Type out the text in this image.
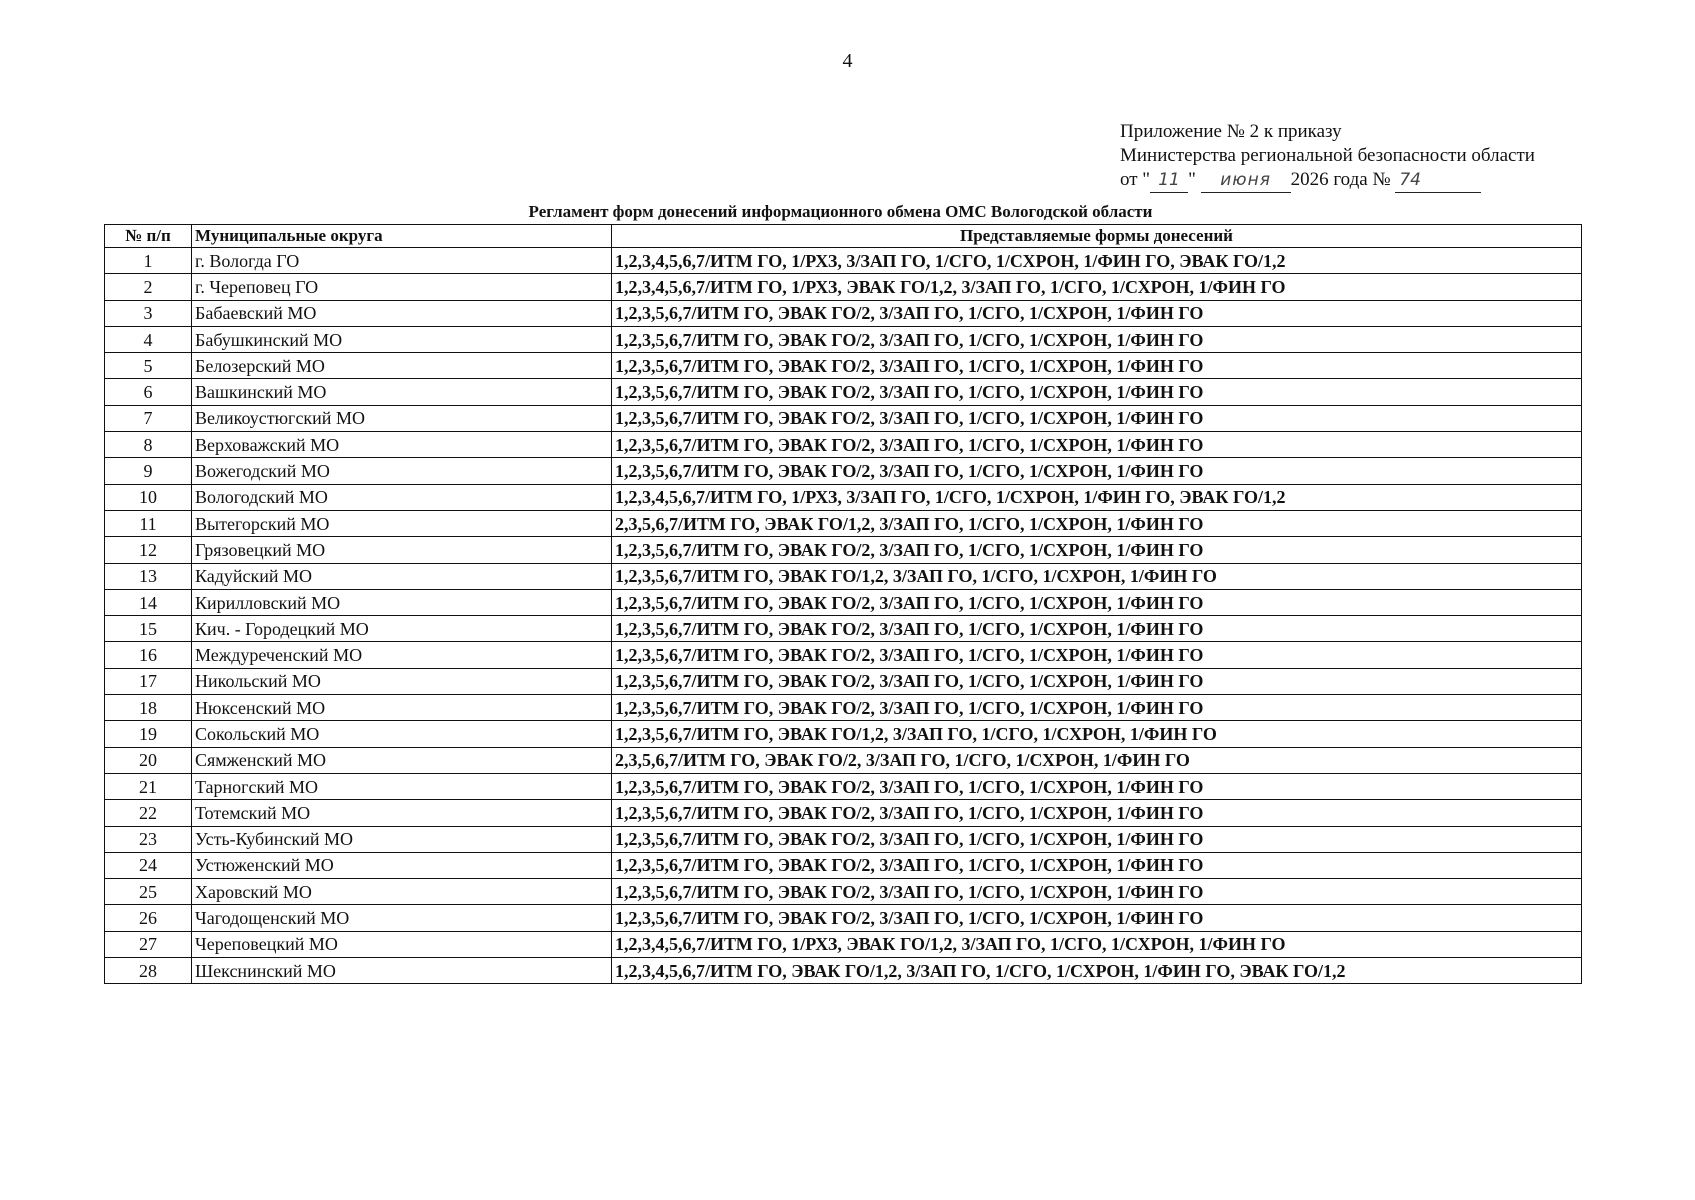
4
Приложение № 2 к приказу
Министерства региональной безопасности области
от " 11 " июня 2026 года № 74
Регламент форм донесений информационного обмена ОМС Вологодской области
№ п/п	Муниципальные округа	Представляемые формы донесений
1	г. Вологда ГО	1,2,3,4,5,6,7/ИТМ ГО, 1/РХЗ, 3/ЗАП ГО, 1/СГО, 1/СХРОН, 1/ФИН ГО, ЭВАК ГО/1,2
2	г. Череповец ГО	1,2,3,4,5,6,7/ИТМ ГО, 1/РХЗ, ЭВАК ГО/1,2, 3/ЗАП ГО, 1/СГО, 1/СХРОН, 1/ФИН ГО
3	Бабаевский МО	1,2,3,5,6,7/ИТМ ГО, ЭВАК ГО/2, 3/ЗАП ГО, 1/СГО, 1/СХРОН, 1/ФИН ГО
4	Бабушкинский МО	1,2,3,5,6,7/ИТМ ГО, ЭВАК ГО/2, 3/ЗАП ГО, 1/СГО, 1/СХРОН, 1/ФИН ГО
5	Белозерский МО	1,2,3,5,6,7/ИТМ ГО, ЭВАК ГО/2, 3/ЗАП ГО, 1/СГО, 1/СХРОН, 1/ФИН ГО
6	Вашкинский МО	1,2,3,5,6,7/ИТМ ГО, ЭВАК ГО/2, 3/ЗАП ГО, 1/СГО, 1/СХРОН, 1/ФИН ГО
7	Великоустюгский МО	1,2,3,5,6,7/ИТМ ГО, ЭВАК ГО/2, 3/ЗАП ГО, 1/СГО, 1/СХРОН, 1/ФИН ГО
8	Верховажский МО	1,2,3,5,6,7/ИТМ ГО, ЭВАК ГО/2, 3/ЗАП ГО, 1/СГО, 1/СХРОН, 1/ФИН ГО
9	Вожегодский МО	1,2,3,5,6,7/ИТМ ГО, ЭВАК ГО/2, 3/ЗАП ГО, 1/СГО, 1/СХРОН, 1/ФИН ГО
10	Вологодский МО	1,2,3,4,5,6,7/ИТМ ГО, 1/РХЗ, 3/ЗАП ГО, 1/СГО, 1/СХРОН, 1/ФИН ГО, ЭВАК ГО/1,2
11	Вытегорский МО	2,3,5,6,7/ИТМ ГО, ЭВАК ГО/1,2, 3/ЗАП ГО, 1/СГО, 1/СХРОН, 1/ФИН ГО
12	Грязовецкий МО	1,2,3,5,6,7/ИТМ ГО, ЭВАК ГО/2, 3/ЗАП ГО, 1/СГО, 1/СХРОН, 1/ФИН ГО
13	Кадуйский МО	1,2,3,5,6,7/ИТМ ГО, ЭВАК ГО/1,2, 3/ЗАП ГО, 1/СГО, 1/СХРОН, 1/ФИН ГО
14	Кирилловский МО	1,2,3,5,6,7/ИТМ ГО, ЭВАК ГО/2, 3/ЗАП ГО, 1/СГО, 1/СХРОН, 1/ФИН ГО
15	Кич. - Городецкий МО	1,2,3,5,6,7/ИТМ ГО, ЭВАК ГО/2, 3/ЗАП ГО, 1/СГО, 1/СХРОН, 1/ФИН ГО
16	Междуреченский МО	1,2,3,5,6,7/ИТМ ГО, ЭВАК ГО/2, 3/ЗАП ГО, 1/СГО, 1/СХРОН, 1/ФИН ГО
17	Никольский МО	1,2,3,5,6,7/ИТМ ГО, ЭВАК ГО/2, 3/ЗАП ГО, 1/СГО, 1/СХРОН, 1/ФИН ГО
18	Нюксенский МО	1,2,3,5,6,7/ИТМ ГО, ЭВАК ГО/2, 3/ЗАП ГО, 1/СГО, 1/СХРОН, 1/ФИН ГО
19	Сокольский МО	1,2,3,5,6,7/ИТМ ГО, ЭВАК ГО/1,2, 3/ЗАП ГО, 1/СГО, 1/СХРОН, 1/ФИН ГО
20	Сямженский МО	2,3,5,6,7/ИТМ ГО, ЭВАК ГО/2, 3/ЗАП ГО, 1/СГО, 1/СХРОН, 1/ФИН ГО
21	Тарногский МО	1,2,3,5,6,7/ИТМ ГО, ЭВАК ГО/2, 3/ЗАП ГО, 1/СГО, 1/СХРОН, 1/ФИН ГО
22	Тотемский МО	1,2,3,5,6,7/ИТМ ГО, ЭВАК ГО/2, 3/ЗАП ГО, 1/СГО, 1/СХРОН, 1/ФИН ГО
23	Усть-Кубинский МО	1,2,3,5,6,7/ИТМ ГО, ЭВАК ГО/2, 3/ЗАП ГО, 1/СГО, 1/СХРОН, 1/ФИН ГО
24	Устюженский МО	1,2,3,5,6,7/ИТМ ГО, ЭВАК ГО/2, 3/ЗАП ГО, 1/СГО, 1/СХРОН, 1/ФИН ГО
25	Харовский МО	1,2,3,5,6,7/ИТМ ГО, ЭВАК ГО/2, 3/ЗАП ГО, 1/СГО, 1/СХРОН, 1/ФИН ГО
26	Чагодощенский МО	1,2,3,5,6,7/ИТМ ГО, ЭВАК ГО/2, 3/ЗАП ГО, 1/СГО, 1/СХРОН, 1/ФИН ГО
27	Череповецкий МО	1,2,3,4,5,6,7/ИТМ ГО, 1/РХЗ, ЭВАК ГО/1,2, 3/ЗАП ГО, 1/СГО, 1/СХРОН, 1/ФИН ГО
28	Шекснинский МО	1,2,3,4,5,6,7/ИТМ ГО, ЭВАК ГО/1,2, 3/ЗАП ГО, 1/СГО, 1/СХРОН, 1/ФИН ГО, ЭВАК ГО/1,2
